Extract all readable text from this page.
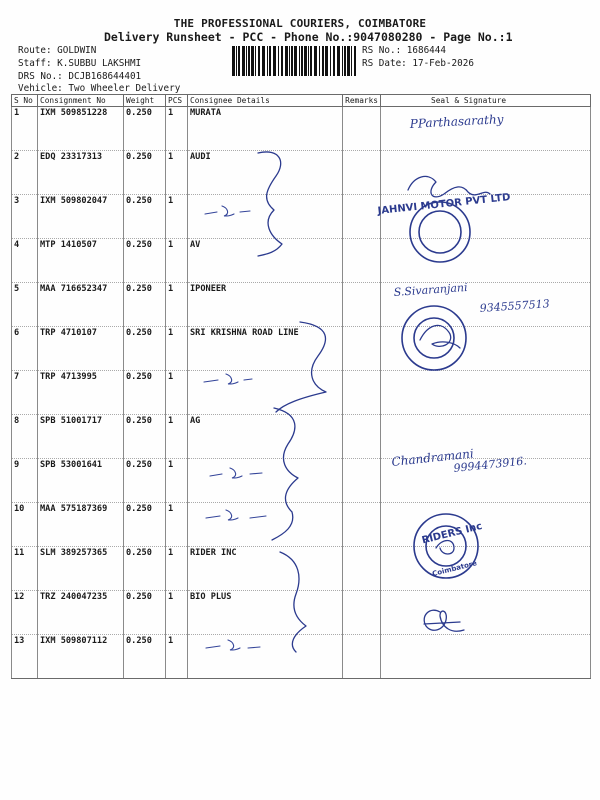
THE PROFESSIONAL COURIERS, COIMBATORE
Delivery Runsheet - PCC - Phone No.:9047080280 - Page No.:1
Route: GOLDWIN
Staff: K.SUBBU LAKSHMI
DRS No.: DCJB168644401
Vehicle: Two Wheeler Delivery
RS No.: 1686444
RS Date: 17-Feb-2026
S No	Consignment No	Weight	PCS	Consignee Details	Remarks	Seal & Signature
1	IXM 509851228	0.250	1	MURATA		
2	EDQ 23317313	0.250	1	AUDI		
3	IXM 509802047	0.250	1			
4	MTP 1410507	0.250	1	AV		
5	MAA 716652347	0.250	1	IPONEER		
6	TRP 4710107	0.250	1	SRI KRISHNA ROAD LINE		
7	TRP 4713995	0.250	1			
8	SPB 51001717	0.250	1	AG		
9	SPB 53001641	0.250	1			
10	MAA 575187369	0.250	1			
11	SLM 389257365	0.250	1	RIDER INC		
12	TRZ 240047235	0.250	1	BIO PLUS		
13	IXM 509807112	0.250	1			
PParthasarathy
JAHNVI MOTOR PVT LTD
S.Sivaranjani
9345557513
Chandramani
9994473916.
RIDERS Inc
Coimbatore
